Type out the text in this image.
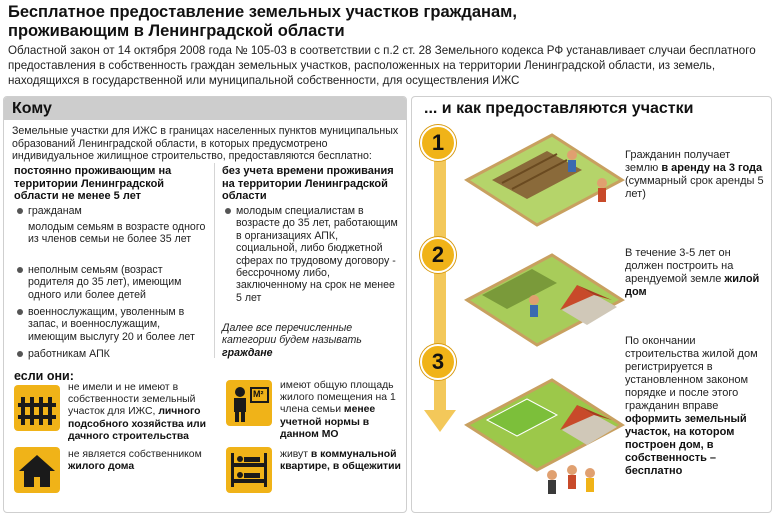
Бесплатное предоставление земельных участков гражданам,
проживающим в Ленинградской области
Областной закон от 14 октября 2008 года № 105-03 в соответствии с п.2 ст. 28 Земельного кодекса РФ устанавливает случаи бесплатного предоставления в собственность граждан земельных участков, расположенных на территории Ленинградской области, из земель, находящихся в государственной или муниципальной собственности, для осуществления ИЖС
Кому
Земельные участки для ИЖС в границах населенных пунктов муниципальных образований Ленинградской области, в которых предусмотрено индивидуальное жилищное строительство, предоставляются бесплатно:
постоянно проживающим на территории Ленинградской области не менее 5 лет
гражданам
молодым семьям в возрасте одного из членов семьи не более 35 лет
неполным семьям (возраст родителя до 35 лет), имеющим одного или более детей
военнослужащим, уволенным в запас, и военнослужащим, имеющим выслугу 20 и более лет
работникам АПК
без учета времени проживания на территории Ленинградской области
молодым специалистам в возрасте до 35 лет, работающим в организациях АПК, социальной, либо бюджетной сферах по трудовому договору - бессрочному либо, заключенному на срок не менее 5 лет
Далее все перечисленные категории будем называть граждане
если они:
не имели и не имеют в собственности земельный участок для ИЖС, личного подсобного хозяйства или дачного строительства
не является собственником жилого дома
М²
имеют общую площадь жилого помещения на 1 члена семьи менее учетной нормы в данном МО
живут в коммунальной квартире, в общежитии
... и как предоставляются участки
1
2
3
Гражданин получает землю в аренду на 3 года (суммарный срок аренды 5 лет)
В течение 3-5 лет он должен построить на арендуемой земле жилой дом
По окончании строительства жилой дом регистрируется в установленном законом порядке и после этого гражданин вправе оформить земельный участок, на котором построен дом, в собственность – бесплатно
